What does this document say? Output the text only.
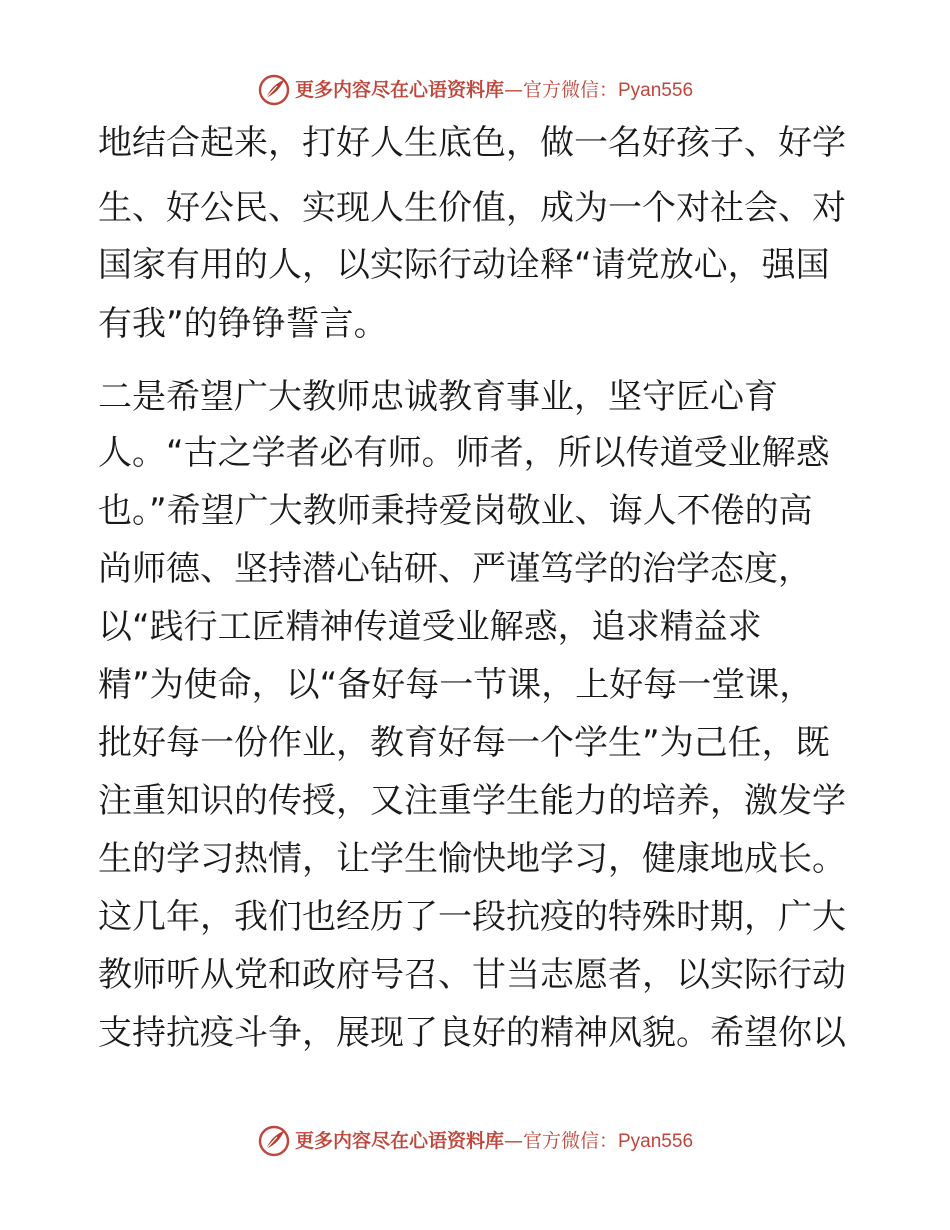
更多内容尽在心语资料库—官方微信：Pyan556

地结合起来，打好人生底色，做一名好孩子、好学

生、好公民、实现人生价值，成为一个对社会、对

国家有用的人，以实际行动诠释“请党放心，强国

有我”的铮铮誓言。

二是希望广大教师忠诚教育事业，坚守匠心育

人。“古之学者必有师。师者，所以传道受业解惑

也。”希望广大教师秉持爱岗敬业、诲人不倦的高

尚师德、坚持潜心钻研、严谨笃学的治学态度，

以“践行工匠精神传道受业解惑，追求精益求

精”为使命，以“备好每一节课，上好每一堂课，

批好每一份作业，教育好每一个学生”为己任，既

注重知识的传授，又注重学生能力的培养，激发学

生的学习热情，让学生愉快地学习，健康地成长。

这几年，我们也经历了一段抗疫的特殊时期，广大

教师听从党和政府号召、甘当志愿者，以实际行动

支持抗疫斗争，展现了良好的精神风貌。希望你以

更多内容尽在心语资料库—官方微信：Pyan556
